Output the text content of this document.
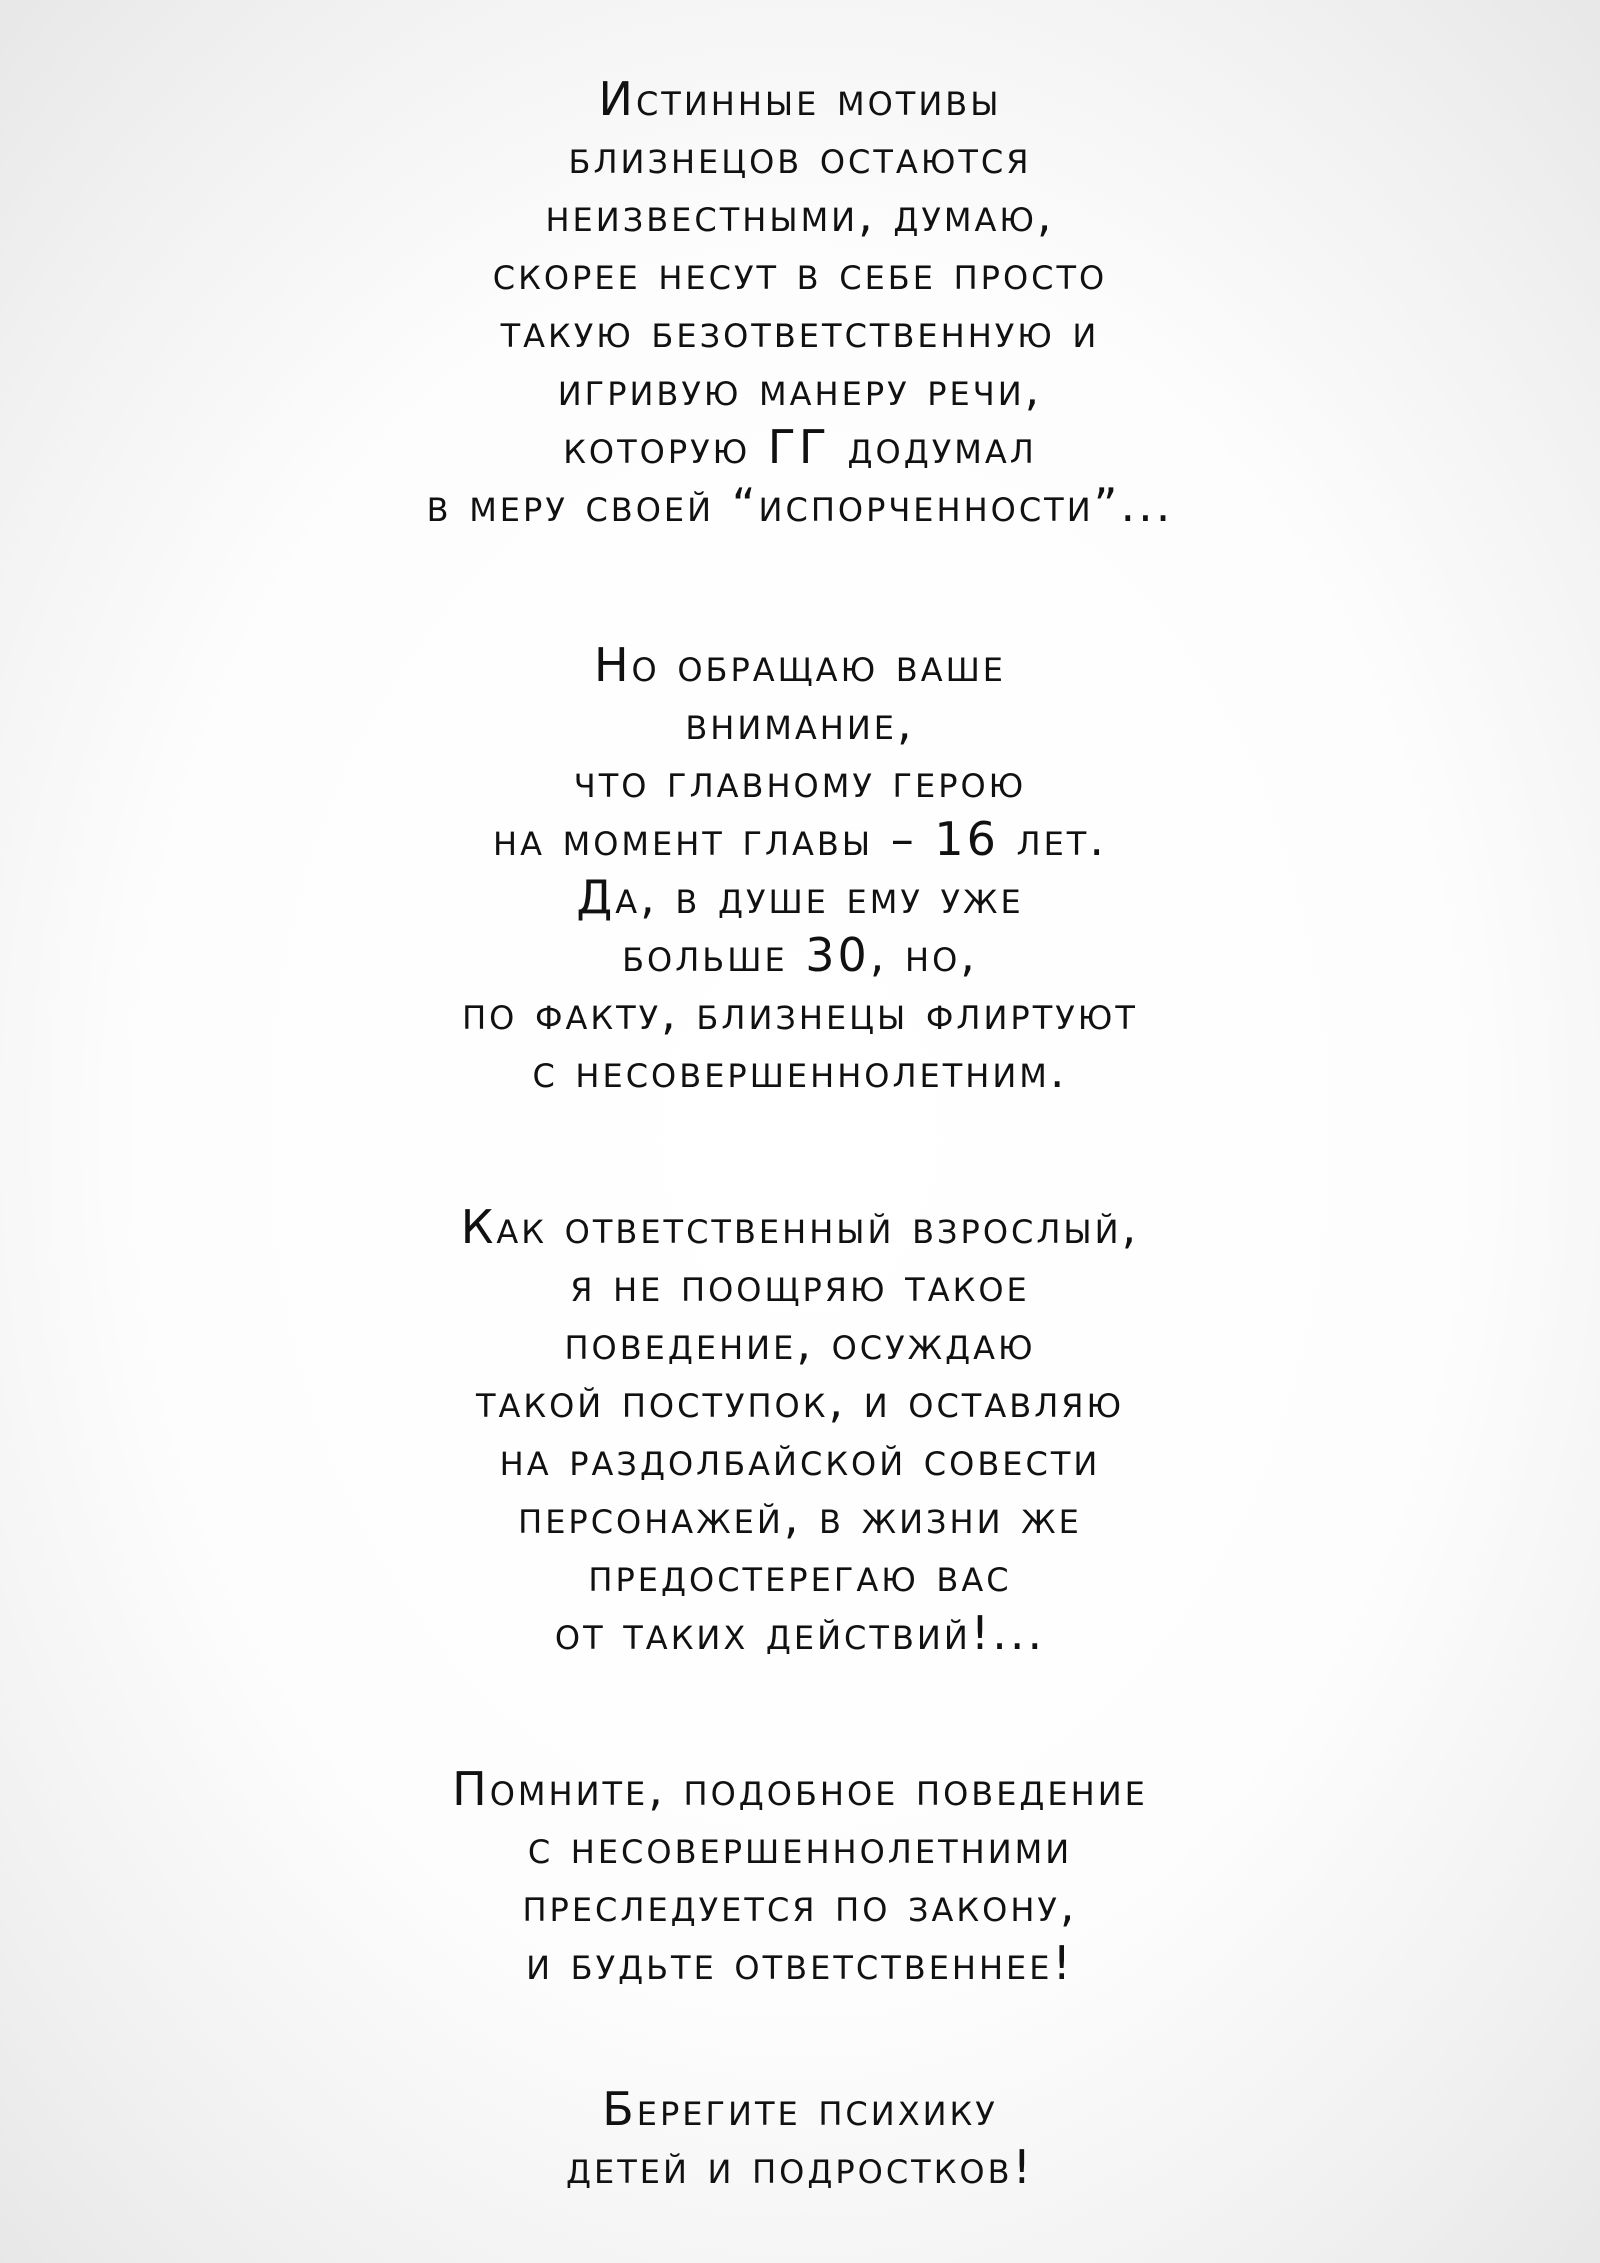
Истинные мотивы
близнецов остаются
неизвестными, думаю,
скорее несут в себе просто
такую безответственную и
игривую манеру речи,
которую ГГ додумал
в меру своей “испорченности”...
Но обращаю ваше
внимание,
что главному герою
на момент главы – 16 лет.
Да, в душе ему уже
больше 30, но,
по факту, близнецы флиртуют
с несовершеннолетним.
Как ответственный взрослый,
я не поощряю такое
поведение, осуждаю
такой поступок, и оставляю
на раздолбайской совести
персонажей, в жизни же
предостерегаю вас
от таких действий!...
Помните, подобное поведение
с несовершеннолетними
преследуется по закону,
и будьте ответственнее!
Берегите психику
детей и подростков!
